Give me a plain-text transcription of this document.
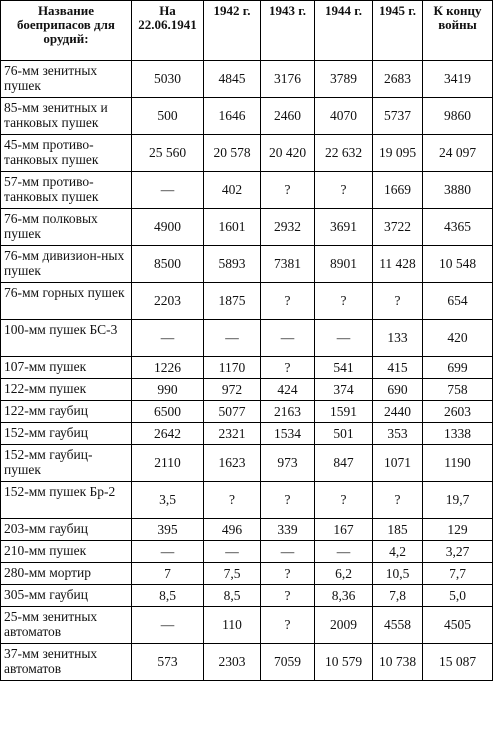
Название боеприпасов для орудий:	На 22.06.1941	1942 г.	1943 г.	1944 г.	1945 г.	К концу войны
76-мм зенитных пушек	5030	4845	3176	3789	2683	3419
85-мм зенитных и танковых пушек	500	1646	2460	4070	5737	9860
45-мм противо-танковых пушек	25 560	20 578	20 420	22 632	19 095	24 097
57-мм противо-танковых пушек	—	402	?	?	1669	3880
76-мм полковых пушек	4900	1601	2932	3691	3722	4365
76-мм дивизион-ных пушек	8500	5893	7381	8901	11 428	10 548
76-мм горных пушек	2203	1875	?	?	?	654
100-мм пушек БС-3	—	—	—	—	133	420
107-мм пушек	1226	1170	?	541	415	699
122-мм пушек	990	972	424	374	690	758
122-мм гаубиц	6500	5077	2163	1591	2440	2603
152-мм гаубиц	2642	2321	1534	501	353	1338
152-мм гаубиц-пушек	2110	1623	973	847	1071	1190
152-мм пушек Бр-2	3,5	?	?	?	?	19,7
203-мм гаубиц	395	496	339	167	185	129
210-мм пушек	—	—	—	—	4,2	3,27
280-мм мортир	7	7,5	?	6,2	10,5	7,7
305-мм гаубиц	8,5	8,5	?	8,36	7,8	5,0
25-мм зенитных автоматов	—	110	?	2009	4558	4505
37-мм зенитных автоматов	573	2303	7059	10 579	10 738	15 087
